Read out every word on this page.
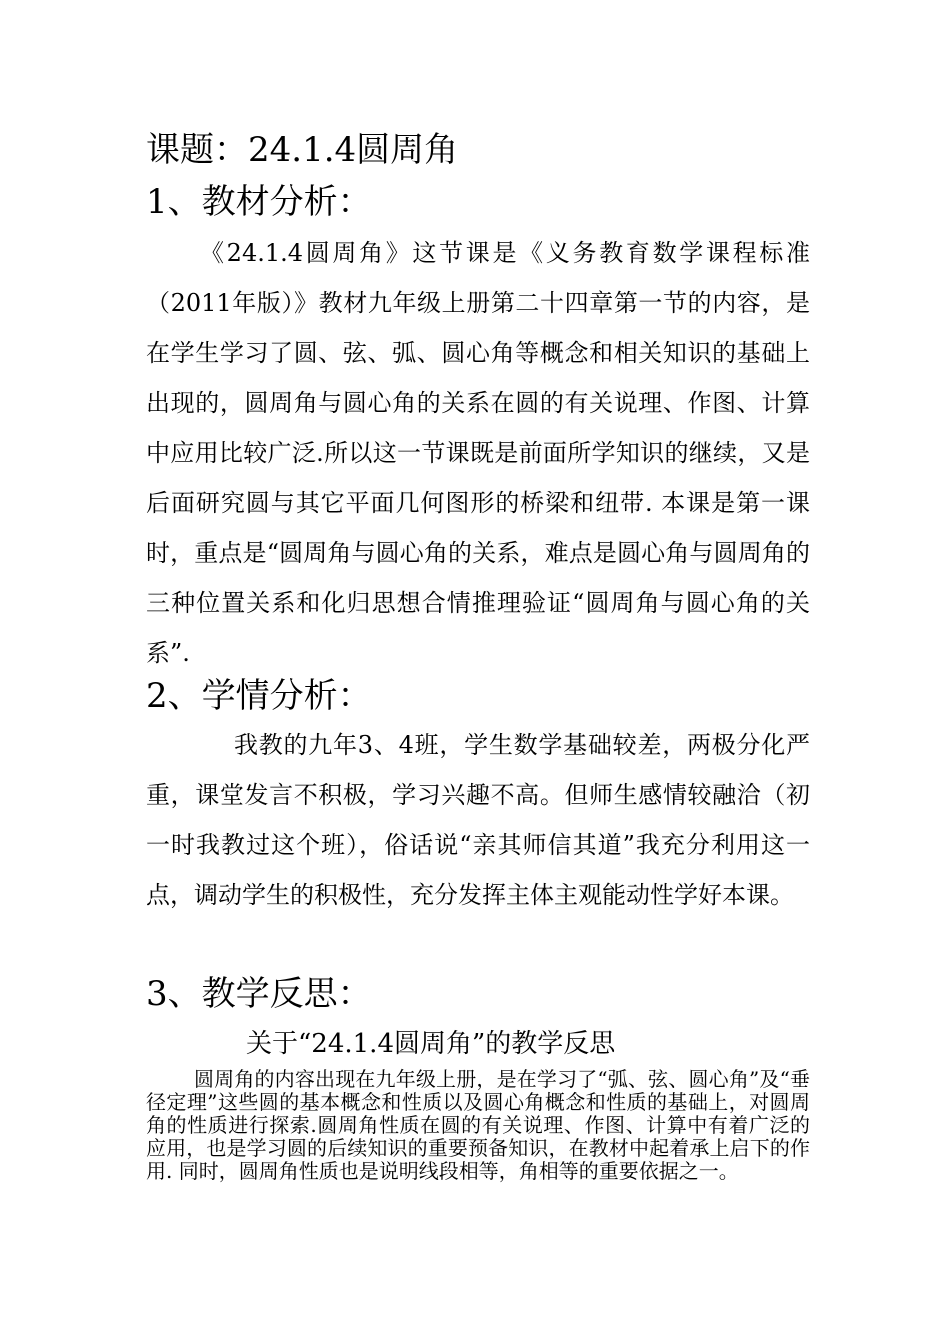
课题：24.1.4圆周角
1、教材分析：

《24.1.4圆周角》这节课是《义务教育数学课程标准（2011年版）》教材九年级上册第二十四章第一节的内容，是在学生学习了圆、弦、弧、圆心角等概念和相关知识的基础上出现的，圆周角与圆心角的关系在圆的有关说理、作图、计算中应用比较广泛.所以这一节课既是前面所学知识的继续，又是后面研究圆与其它平面几何图形的桥梁和纽带. 本课是第一课时，重点是“圆周角与圆心角的关系，难点是圆心角与圆周角的三种位置关系和化归思想合情推理验证“圆周角与圆心角的关系”.

2、学情分析：

我教的九年3、4班，学生数学基础较差，两极分化严重，课堂发言不积极，学习兴趣不高。但师生感情较融洽（初一时我教过这个班），俗话说“亲其师信其道”我充分利用这一点，调动学生的积极性，充分发挥主体主观能动性学好本课。

3、教学反思：
关于“24.1.4圆周角”的教学反思

圆周角的内容出现在九年级上册，是在学习了“弧、弦、圆心角”及“垂径定理”这些圆的基本概念和性质以及圆心角概念和性质的基础上，对圆周角的性质进行探索.圆周角性质在圆的有关说理、作图、计算中有着广泛的应用，也是学习圆的后续知识的重要预备知识，在教材中起着承上启下的作用. 同时，圆周角性质也是说明线段相等，角相等的重要依据之一。
